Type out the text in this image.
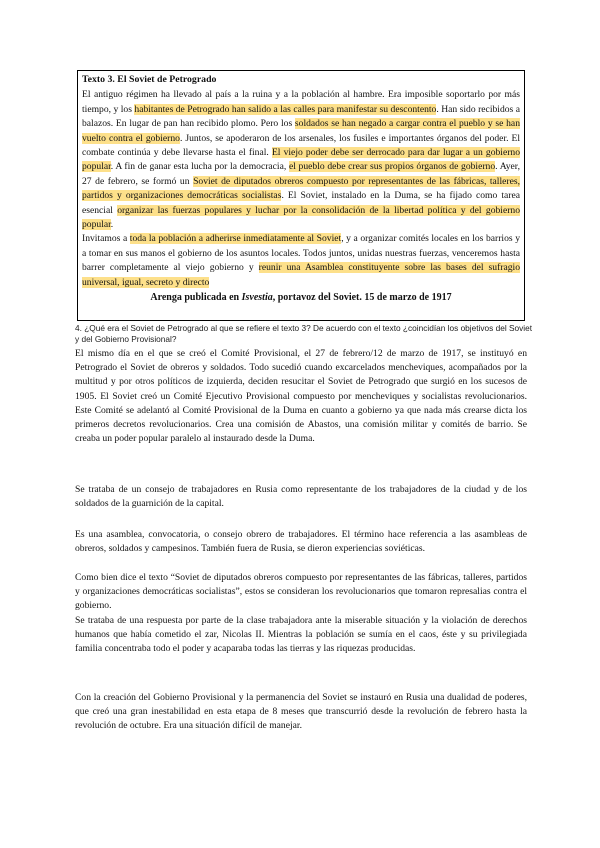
Texto 3. El Soviet de Petrogrado

El antiguo régimen ha llevado al país a la ruina y a la población al hambre. Era imposible soportarlo por más tiempo, y los habitantes de Petrogrado han salido a las calles para manifestar su descontento. Han sido recibidos a balazos. En lugar de pan han recibido plomo. Pero los soldados se han negado a cargar contra el pueblo y se han vuelto contra el gobierno. Juntos, se apoderaron de los arsenales, los fusiles e importantes órganos del poder. El combate continúa y debe llevarse hasta el final. El viejo poder debe ser derrocado para dar lugar a un gobierno popular. A fin de ganar esta lucha por la democracia, el pueblo debe crear sus propios órganos de gobierno. Ayer, 27 de febrero, se formó un Soviet de diputados obreros compuesto por representantes de las fábricas, talleres, partidos y organizaciones democráticas socialistas. El Soviet, instalado en la Duma, se ha fijado como tarea esencial organizar las fuerzas populares y luchar por la consolidación de la libertad política y del gobierno popular.

Invitamos a toda la población a adherirse inmediatamente al Soviet, y a organizar comités locales en los barrios y a tomar en sus manos el gobierno de los asuntos locales. Todos juntos, unidas nuestras fuerzas, venceremos hasta barrer completamente al viejo gobierno y reunir una Asamblea constituyente sobre las bases del sufragio universal, igual, secreto y directo

Arenga publicada en Isvestia, portavoz del Soviet. 15 de marzo de 1917

4. ¿Qué era el Soviet de Petrogrado al que se refiere el texto 3? De acuerdo con el texto ¿coincidían los objetivos del Soviet y del Gobierno Provisional?

El mismo día en el que se creó el Comité Provisional, el 27 de febrero/12 de marzo de 1917, se instituyó en Petrogrado el Soviet de obreros y soldados. Todo sucedió cuando excarcelados mencheviques, acompañados por la multitud y por otros políticos de izquierda, deciden resucitar el Soviet de Petrogrado que surgió en los sucesos de 1905. El Soviet creó un Comité Ejecutivo Provisional compuesto por mencheviques y socialistas revolucionarios. Este Comité se adelantó al Comité Provisional de la Duma en cuanto a gobierno ya que nada más crearse dicta los primeros decretos revolucionarios. Crea una comisión de Abastos, una comisión militar y comités de barrio. Se creaba un poder popular paralelo al instaurado desde la Duma.

Se trataba de un consejo de trabajadores en Rusia como representante de los trabajadores de la ciudad y de los soldados de la guarnición de la capital.

Es una asamblea, convocatoria, o consejo obrero de trabajadores. El término hace referencia a las asambleas de obreros, soldados y campesinos. También fuera de Rusia, se dieron experiencias soviéticas.

Como bien dice el texto “Soviet de diputados obreros compuesto por representantes de las fábricas, talleres, partidos y organizaciones democráticas socialistas”, estos se consideran los revolucionarios que tomaron represalias contra el gobierno.

Se trataba de una respuesta por parte de la clase trabajadora ante la miserable situación y la violación de derechos humanos que había cometido el zar, Nicolas II. Mientras la población se sumía en el caos, éste y su privilegiada familia concentraba todo el poder y acaparaba todas las tierras y las riquezas producidas.

Con la creación del Gobierno Provisional y la permanencia del Soviet se instauró en Rusia una dualidad de poderes, que creó una gran inestabilidad en esta etapa de 8 meses que transcurrió desde la revolución de febrero hasta la revolución de octubre. Era una situación difícil de manejar.
